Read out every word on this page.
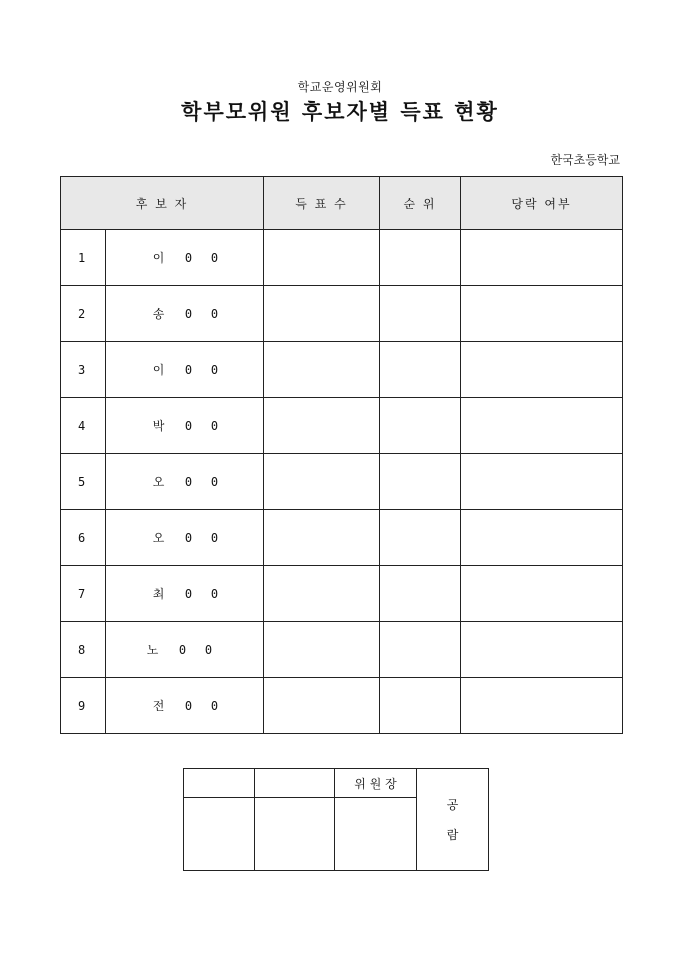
학교운영위원회
학부모위원 후보자별 득표 현황
한국초등학교
후 보 자		득 표 수	순 위	당락 여부
1	이 0 0			
2	송 0 0			
3	이 0 0			
4	박 0 0			
5	오 0 0			
6	오 0 0			
7	최 0 0			
8	노 0 0			
9	전 0 0			
		위 원 장	공
람
